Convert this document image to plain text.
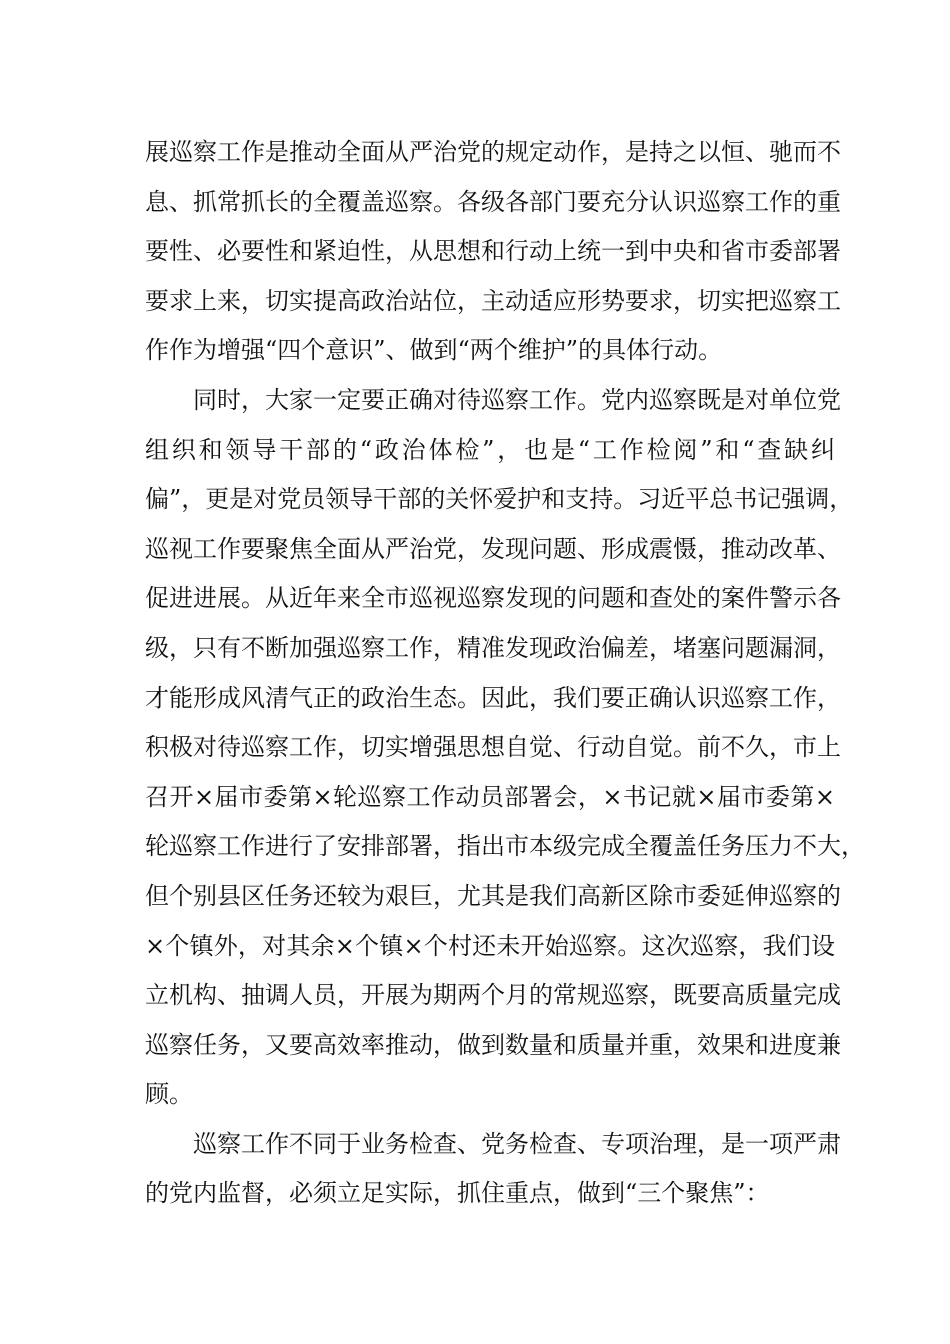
展巡察工作是推动全面从严治党的规定动作，是持之以恒、驰而不
息、抓常抓长的全覆盖巡察。各级各部门要充分认识巡察工作的重
要性、必要性和紧迫性，从思想和行动上统一到中央和省市委部署
要求上来，切实提高政治站位，主动适应形势要求，切实把巡察工
作作为增强“四个意识”、做到“两个维护”的具体行动。
同时，大家一定要正确对待巡察工作。党内巡察既是对单位党
组织和领导干部的“政治体检”，也是“工作检阅”和“查缺纠
偏”，更是对党员领导干部的关怀爱护和支持。习近平总书记强调，
巡视工作要聚焦全面从严治党，发现问题、形成震慑，推动改革、
促进进展。从近年来全市巡视巡察发现的问题和查处的案件警示各
级，只有不断加强巡察工作，精准发现政治偏差，堵塞问题漏洞，
才能形成风清气正的政治生态。因此，我们要正确认识巡察工作，
积极对待巡察工作，切实增强思想自觉、行动自觉。前不久，市上
召开×届市委第×轮巡察工作动员部署会，×书记就×届市委第×
轮巡察工作进行了安排部署，指出市本级完成全覆盖任务压力不大，
但个别县区任务还较为艰巨，尤其是我们高新区除市委延伸巡察的
×个镇外，对其余×个镇×个村还未开始巡察。这次巡察，我们设
立机构、抽调人员，开展为期两个月的常规巡察，既要高质量完成
巡察任务，又要高效率推动，做到数量和质量并重，效果和进度兼
顾。
巡察工作不同于业务检查、党务检查、专项治理，是一项严肃
的党内监督，必须立足实际，抓住重点，做到“三个聚焦”：
